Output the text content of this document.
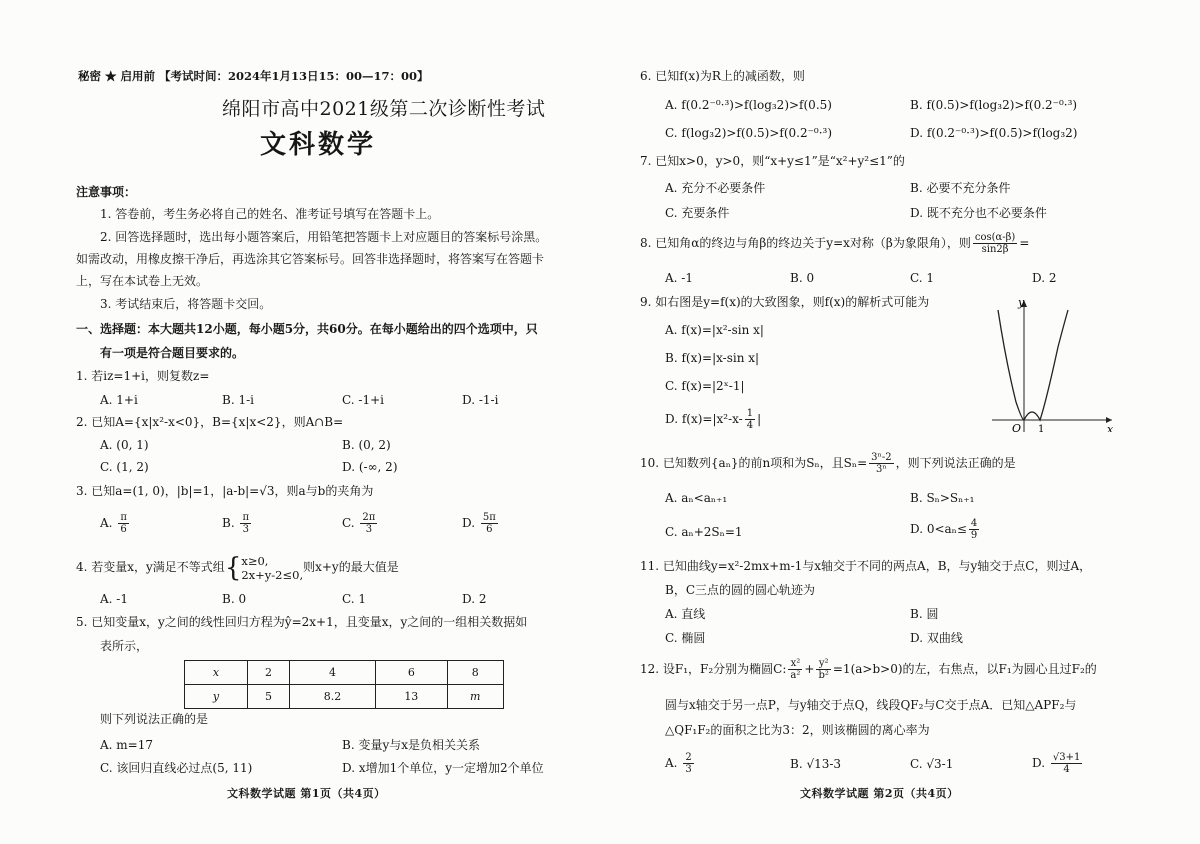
秘密 ★ 启用前 【考试时间：2024年1月13日15：00—17：00】
绵阳市高中2021级第二次诊断性考试
文科数学
注意事项：
1. 答卷前，考生务必将自己的姓名、准考证号填写在答题卡上。
2. 回答选择题时，选出每小题答案后，用铅笔把答题卡上对应题目的答案标号涂黑。
如需改动，用橡皮擦干净后，再选涂其它答案标号。回答非选择题时，将答案写在答题卡
上，写在本试卷上无效。
3. 考试结束后，将答题卡交回。
一、选择题：本大题共12小题，每小题5分，共60分。在每小题给出的四个选项中，只
有一项是符合题目要求的。
1. 若iz=1+i，则复数z=
A. 1+i	B. 1-i	C. -1+i	D. -1-i
2. 已知A={x|x²-x<0}，B={x|x<2}，则A∩B=
A. (0, 1)	B. (0, 2)
C. (1, 2)	D. (-∞, 2)
3. 已知a=(1, 0)，|b|=1，|a-b|=√3，则a与b的夹角为
A. $\frac{\pi}{6}$	B. $\frac{\pi}{3}$	C. $\frac{2\pi}{3}$	D. $\frac{5\pi}{6}$
4. 若变量x，y满足不等式组{ x≥0,
2x+y-2≤0,
则x+y的最大值是
A. -1	B. 0	C. 1	D. 2
5. 已知变量x，y之间的线性回归方程为ŷ=2x+1，且变量x，y之间的一组相关数据如
表所示，
x	2	4	6	8
y	5	8.2	13	m
则下列说法正确的是
A. m=17	B. 变量y与x是负相关关系
C. 该回归直线必过点(5, 11)	D. x增加1个单位，y一定增加2个单位
文科数学试题 第1页（共4页）
6. 已知f(x)为R上的减函数，则
A. f(0.2⁻⁰·³)>f(log₃2)>f(0.5)	B. f(0.5)>f(log₃2)>f(0.2⁻⁰·³)
C. f(log₃2)>f(0.5)>f(0.2⁻⁰·³)	D. f(0.2⁻⁰·³)>f(0.5)>f(log₃2)
7. 已知x>0，y>0，则“x+y≤1”是“x²+y²≤1”的
A. 充分不必要条件	B. 必要不充分条件
C. 充要条件	D. 既不充分也不必要条件
8. 已知角α的终边与角β的终边关于y=x对称（β为象限角），则 $\frac{\cos(\alpha-\beta)}{\sin 2\beta}$ =
A. -1	B. 0	C. 1	D. 2
9. 如右图是y=f(x)的大致图象，则f(x)的解析式可能为
A. f(x)=|x²-sin x|
B. f(x)=|x-sin x|
C. f(x)=|2ˣ-1|
D. $f(x)=|x^2-x- \frac{1}{4}$ |
y
x
O 1
10. 已知数列{aₙ}的前n项和为Sₙ，且$S_n= \frac{\text{3ⁿ-2}}{\text{3ⁿ}}$ ，则下列说法正确的是
A. aₙ<aₙ₊₁	B. Sₙ>Sₙ₊₁
C. aₙ+2Sₙ=1	D. $0<a_n\le \frac{4}{9}$
11. 已知曲线y=x²-2mx+m-1与x轴交于不同的两点A，B，与y轴交于点C，则过A，
B，C三点的圆的圆心轨迹为
A. 直线	B. 圆
C. 椭圆	D. 双曲线
12. 设F₁，F₂分别为椭圆C: $\frac{\text{x²}}{\text{a²}} + \frac{\text{y²}}{\text{b²}} =1(a>b>0)$的左，右焦点，以F₁为圆心且过F₂的
圆与x轴交于另一点P，与y轴交于点Q，线段QF₂与C交于点A．已知△APF₂与
△QF₁F₂的面积之比为3：2，则该椭圆的离心率为
A. $\frac{2}{3}$	B. √13-3	C. √3-1	D. $\frac{√3+1}{4}$
文科数学试题 第2页（共4页）
